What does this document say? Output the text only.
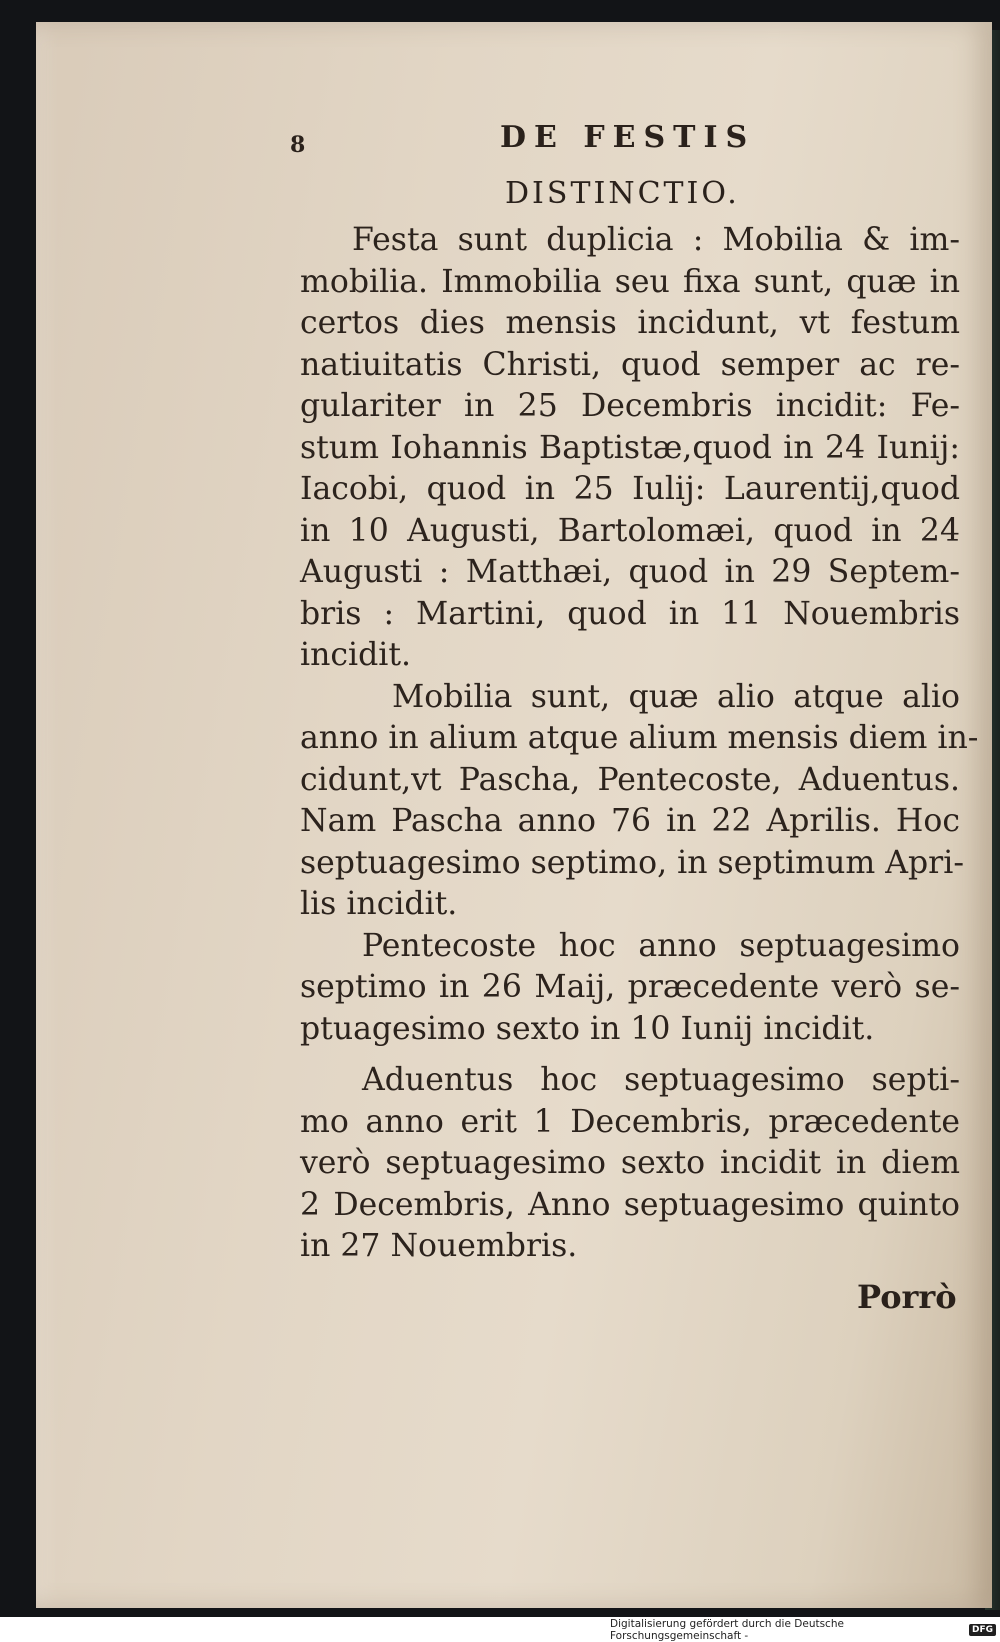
8	DE FESTIS
DISTINCTIO.
Festa sunt duplicia : Mobilia & im-
mobilia. Immobilia seu fixa sunt, quæ in
certos dies mensis incidunt, vt festum
natiuitatis Christi, quod semper ac re-
gulariter in 25 Decembris incidit: Fe-
stum Iohannis Baptistæ,quod in 24 Iunij:
Iacobi, quod in 25 Iulij: Laurentij,quod
in 10 Augusti, Bartolomæi, quod in 24
Augusti : Matthæi, quod in 29 Septem-
bris : Martini, quod in 11 Nouembris
incidit.
Mobilia sunt, quæ alio atque alio
anno in alium atque alium mensis diem in-
cidunt,vt Pascha, Pentecoste, Aduentus.
Nam Pascha anno 76 in 22 Aprilis. Hoc
septuagesimo septimo, in septimum Apri-
lis incidit.
Pentecoste hoc anno septuagesimo
septimo in 26 Maij, præcedente verò se-
ptuagesimo sexto in 10 Iunij incidit.
Aduentus hoc septuagesimo septi-
mo anno erit 1 Decembris, præcedente
verò septuagesimo sexto incidit in diem
2 Decembris, Anno septuagesimo quinto
in 27 Nouembris.
Porrò
Digitalisierung gefördert durch die Deutsche Forschungsgemeinschaft -	DFG
